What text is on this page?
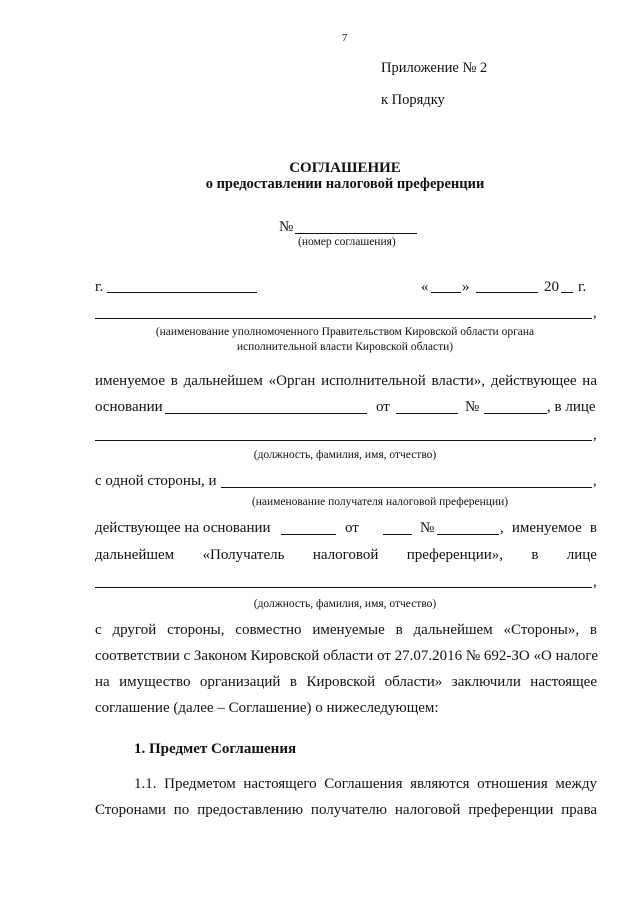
7
Приложение № 2
к Порядку
СОГЛАШЕНИЕ
о предоставлении налоговой преференции
№
(номер соглашения)
г.	« »	20 г.
,
(наименование уполномоченного Правительством Кировской области органа
исполнительной власти Кировской области)
именуемое в дальнейшем «Орган исполнительной власти», действующее на
основании	от	№	, в лице
,
(должность, фамилия, имя, отчество)
с одной стороны, и	,
(наименование получателя налоговой преференции)
действующее на основании	от	№	, именуемое в
дальнейшем «Получатель налоговой преференции», в лице
,
(должность, фамилия, имя, отчество)
с другой стороны, совместно именуемые в дальнейшем «Стороны», в
соответствии с Законом Кировской области от 27.07.2016 № 692-ЗО «О налоге
на имущество организаций в Кировской области» заключили настоящее
соглашение (далее – Соглашение) о нижеследующем:
1. Предмет Соглашения
1.1. Предметом настоящего Соглашения являются отношения между
Сторонами по предоставлению получателю налоговой преференции права
